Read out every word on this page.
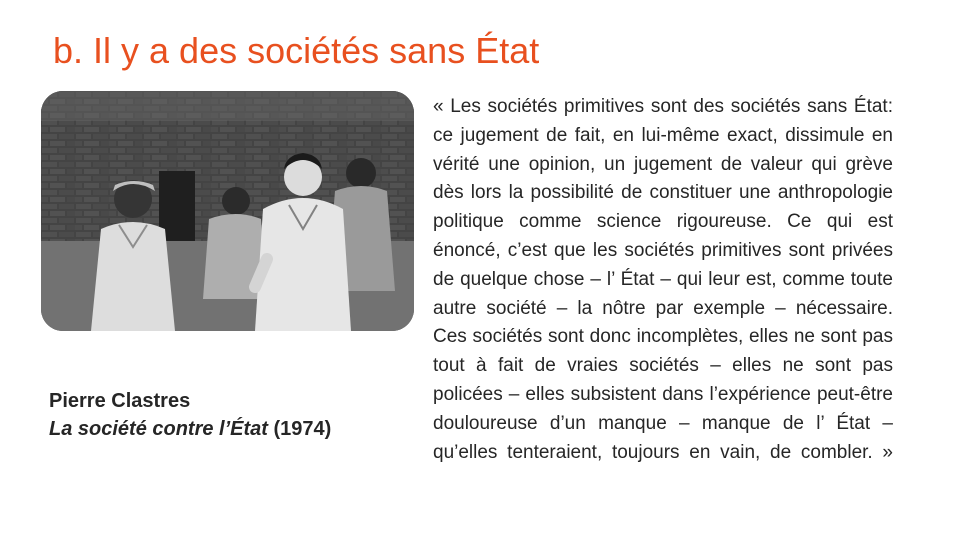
b. Il y a des sociétés sans État
Pierre Clastres
La société contre l’État (1974)

« Les sociétés primitives sont des sociétés sans État: ce jugement de fait, en lui-même exact, dissimule en vérité une opinion, un jugement de valeur qui grève dès lors la possibilité de constituer une anthropologie politique comme science rigoureuse. Ce qui est énoncé, c’est que les sociétés primitives sont privées de quelque chose – l’ État – qui leur est, comme toute autre société – la nôtre par exemple – nécessaire. Ces sociétés sont donc incomplètes, elles ne sont pas tout à fait de vraies sociétés – elles ne sont pas policées – elles subsistent dans l’expérience peut-être douloureuse d’un manque – manque de l’ État – qu’elles tenteraient, toujours en vain, de combler. »
